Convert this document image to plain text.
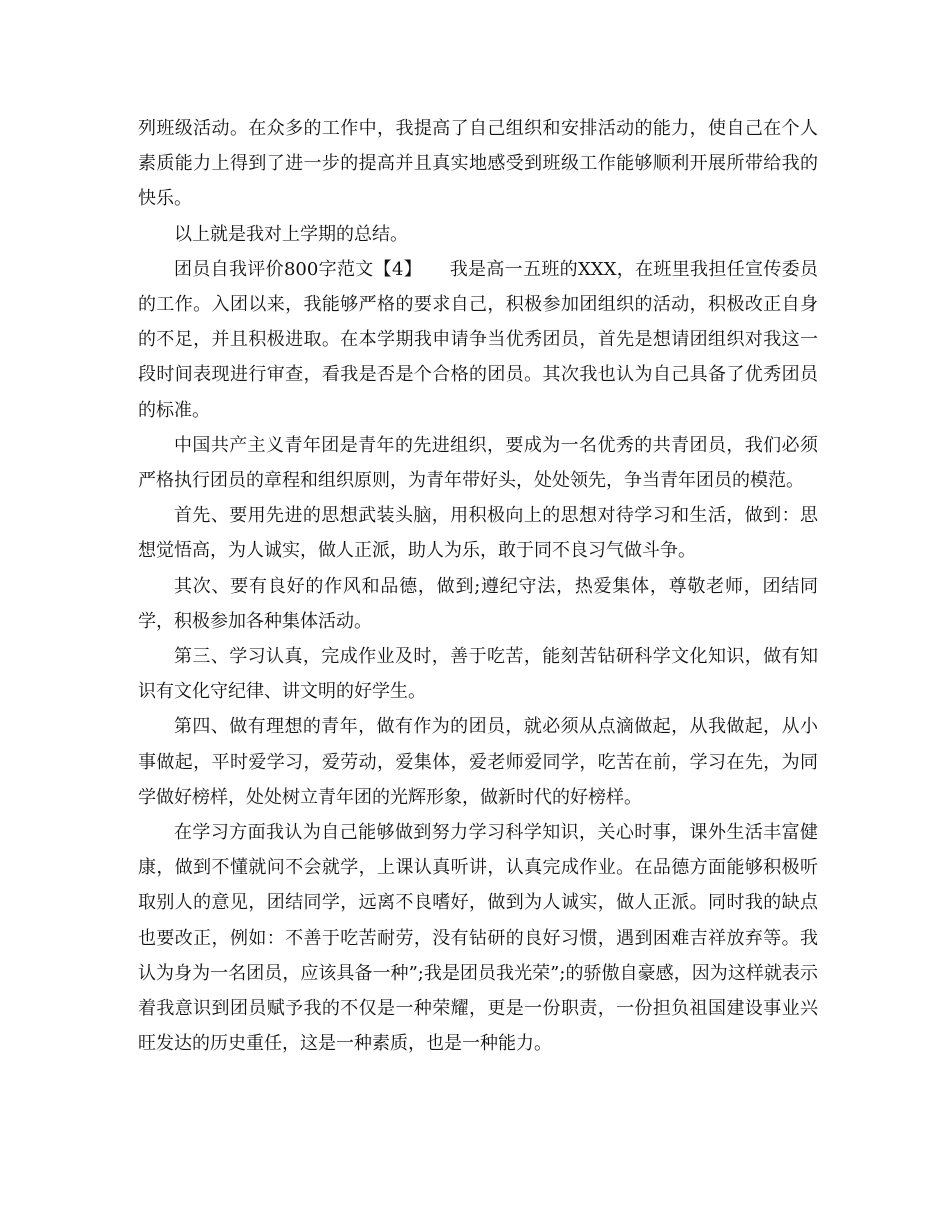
列班级活动。在众多的工作中，我提高了自己组织和安排活动的能力，使自己在个人素质能力上得到了进一步的提高并且真实地感受到班级工作能够顺利开展所带给我的快乐。

以上就是我对上学期的总结。

团员自我评价800字范文【4】　　我是高一五班的XXX，在班里我担任宣传委员的工作。入团以来，我能够严格的要求自己，积极参加团组织的活动，积极改正自身的不足，并且积极进取。在本学期我申请争当优秀团员，首先是想请团组织对我这一段时间表现进行审查，看我是否是个合格的团员。其次我也认为自己具备了优秀团员的标准。

中国共产主义青年团是青年的先进组织，要成为一名优秀的共青团员，我们必须严格执行团员的章程和组织原则，为青年带好头，处处领先，争当青年团员的模范。

首先、要用先进的思想武装头脑，用积极向上的思想对待学习和生活，做到：思想觉悟高，为人诚实，做人正派，助人为乐，敢于同不良习气做斗争。

其次、要有良好的作风和品德，做到;遵纪守法，热爱集体，尊敬老师，团结同学，积极参加各种集体活动。

第三、学习认真，完成作业及时，善于吃苦，能刻苦钻研科学文化知识，做有知识有文化守纪律、讲文明的好学生。

第四、做有理想的青年，做有作为的团员，就必须从点滴做起，从我做起，从小事做起，平时爱学习，爱劳动，爱集体，爱老师爱同学，吃苦在前，学习在先，为同学做好榜样，处处树立青年团的光辉形象，做新时代的好榜样。

在学习方面我认为自己能够做到努力学习科学知识，关心时事，课外生活丰富健康，做到不懂就问不会就学，上课认真听讲，认真完成作业。在品德方面能够积极听取别人的意见，团结同学，远离不良嗜好，做到为人诚实，做人正派。同时我的缺点也要改正，例如：不善于吃苦耐劳，没有钻研的良好习惯，遇到困难吉祥放弃等。我认为身为一名团员，应该具备一种”;我是团员我光荣”;的骄傲自豪感，因为这样就表示着我意识到团员赋予我的不仅是一种荣耀，更是一份职责，一份担负祖国建设事业兴旺发达的历史重任，这是一种素质，也是一种能力。
